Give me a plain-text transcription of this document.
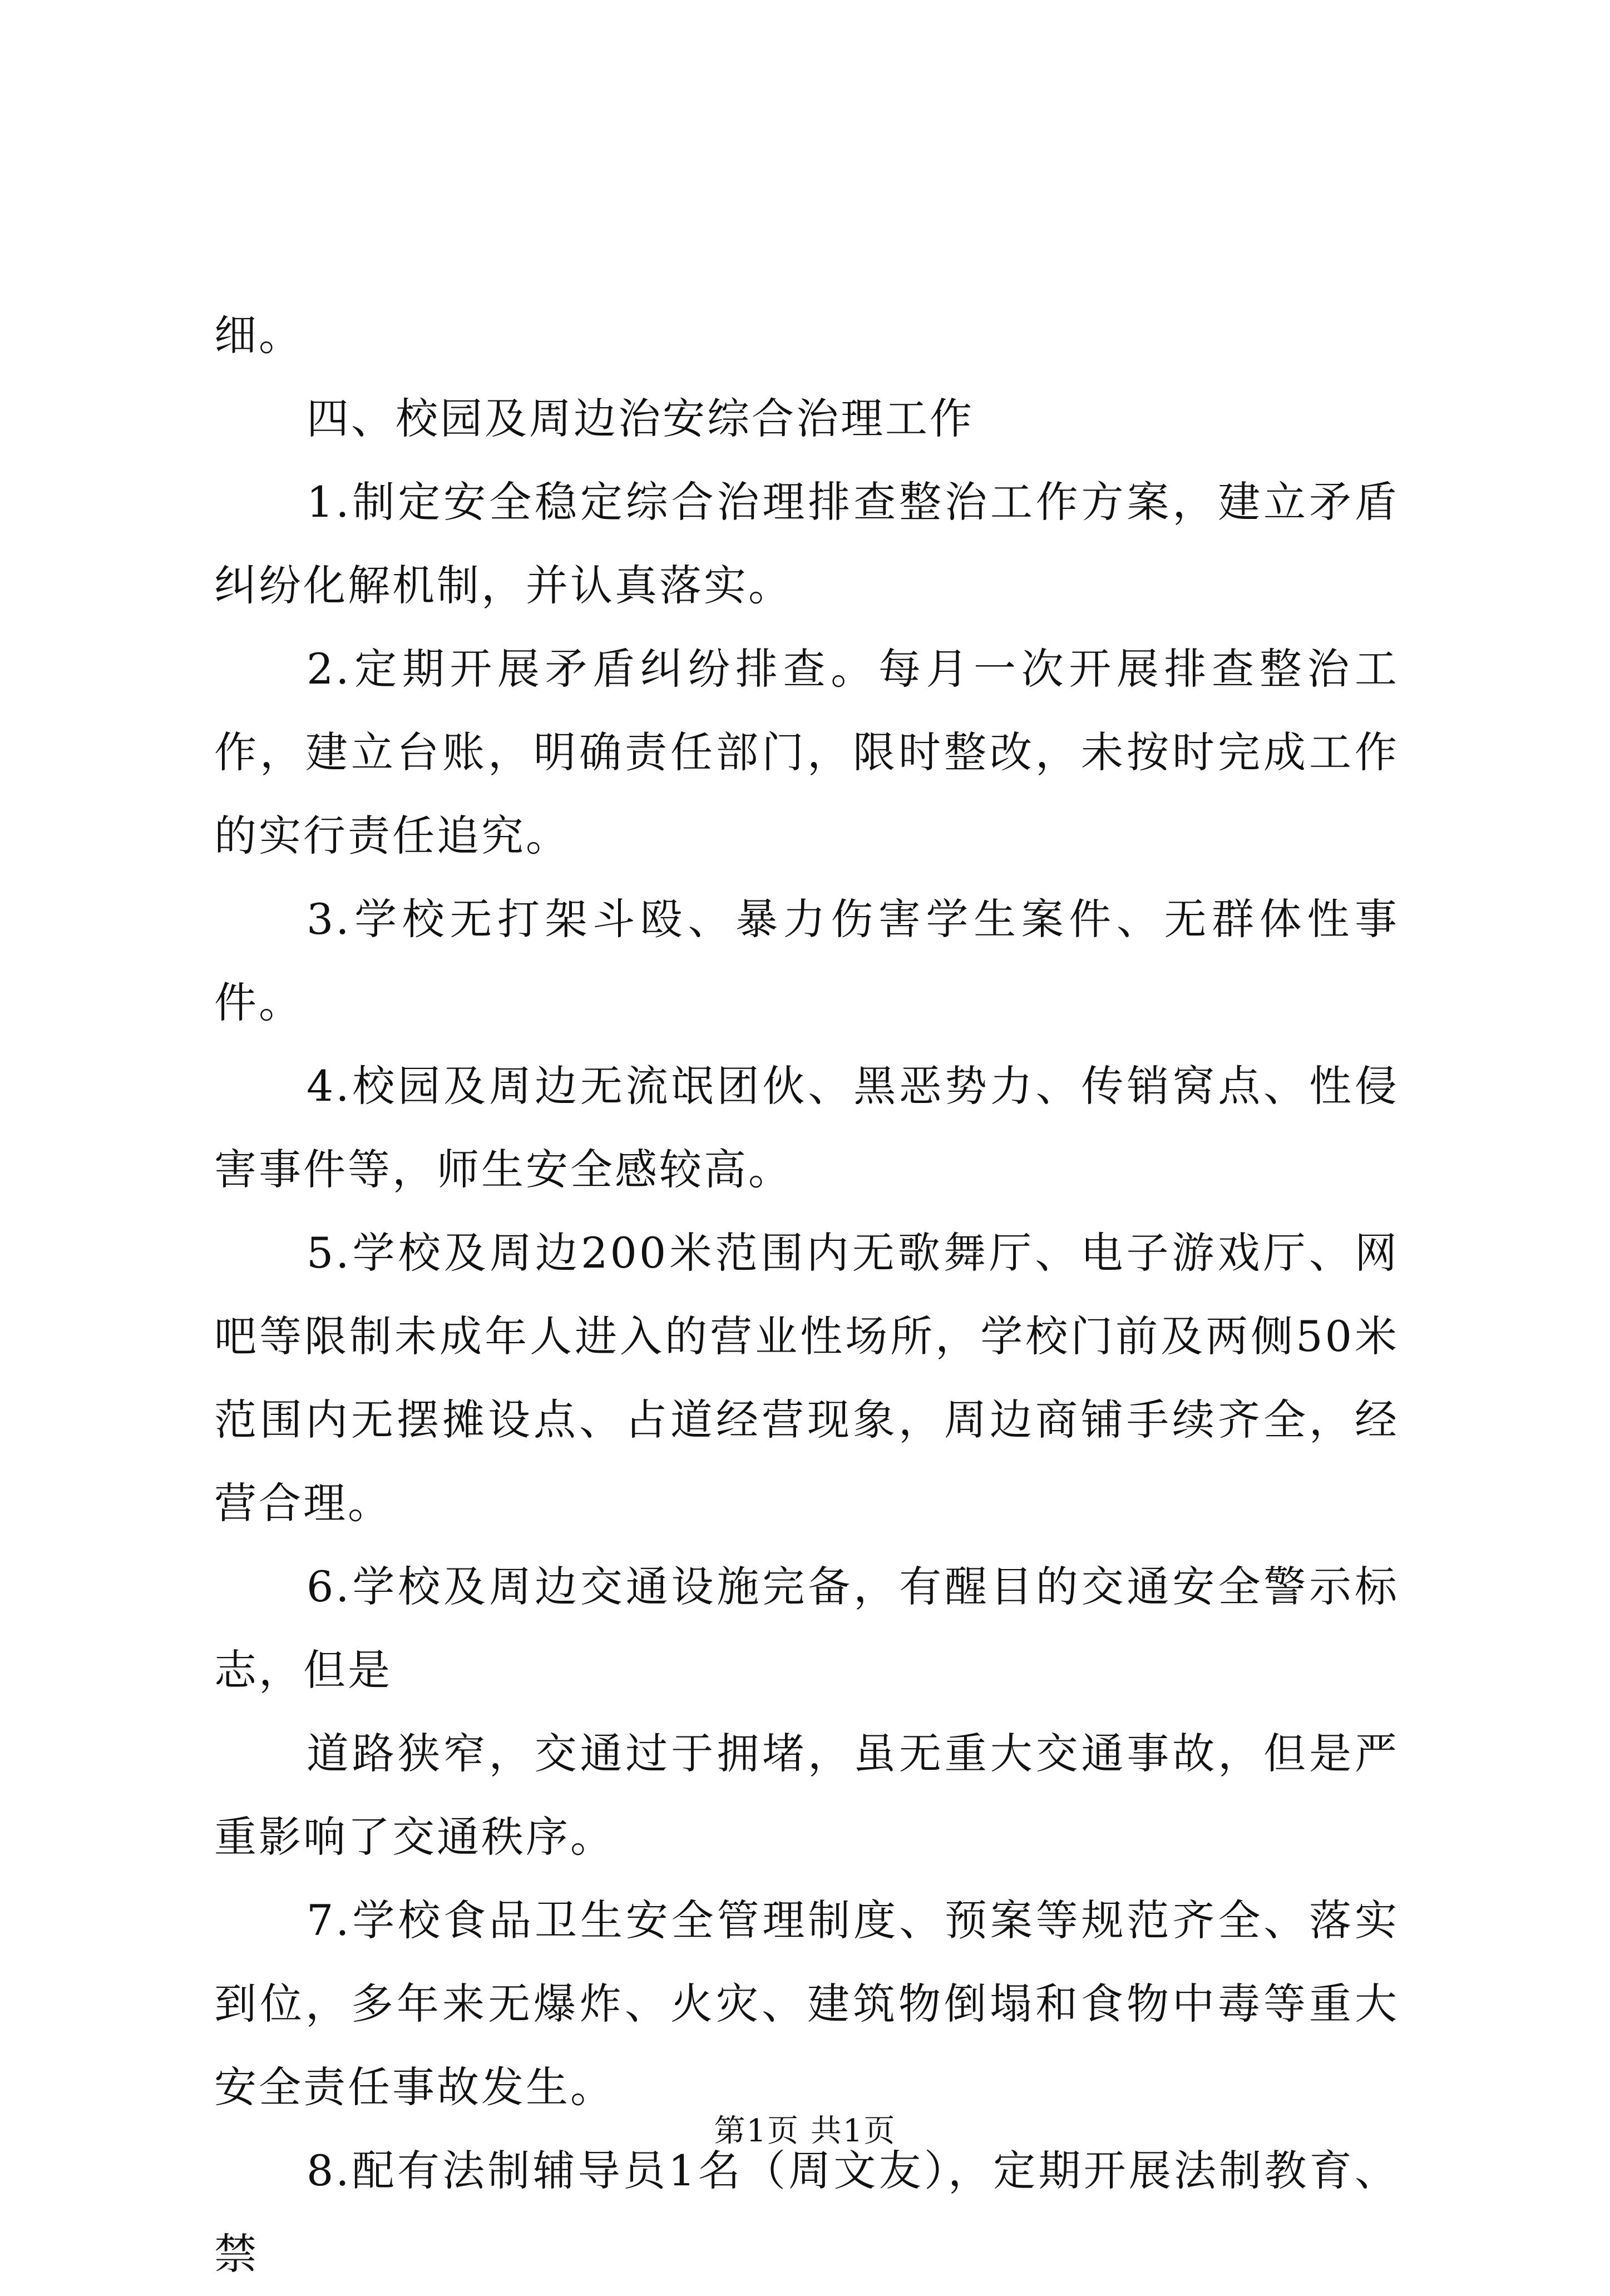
细。

四、校园及周边治安综合治理工作

1.制定安全稳定综合治理排查整治工作方案，建立矛盾纠纷化解机制，并认真落实。

2.定期开展矛盾纠纷排查。每月一次开展排查整治工作，建立台账，明确责任部门，限时整改，未按时完成工作的实行责任追究。

3.学校无打架斗殴、暴力伤害学生案件、无群体性事件。

4.校园及周边无流氓团伙、黑恶势力、传销窝点、性侵害事件等，师生安全感较高。

5.学校及周边200米范围内无歌舞厅、电子游戏厅、网吧等限制未成年人进入的营业性场所，学校门前及两侧50米范围内无摆摊设点、占道经营现象，周边商铺手续齐全，经营合理。

6.学校及周边交通设施完备，有醒目的交通安全警示标志，但是

道路狭窄，交通过于拥堵，虽无重大交通事故，但是严重影响了交通秩序。

7.学校食品卫生安全管理制度、预案等规范齐全、落实到位，多年来无爆炸、火灾、建筑物倒塌和食物中毒等重大安全责任事故发生。

8.配有法制辅导员1名（周文友），定期开展法制教育、禁

第1页 共1页
